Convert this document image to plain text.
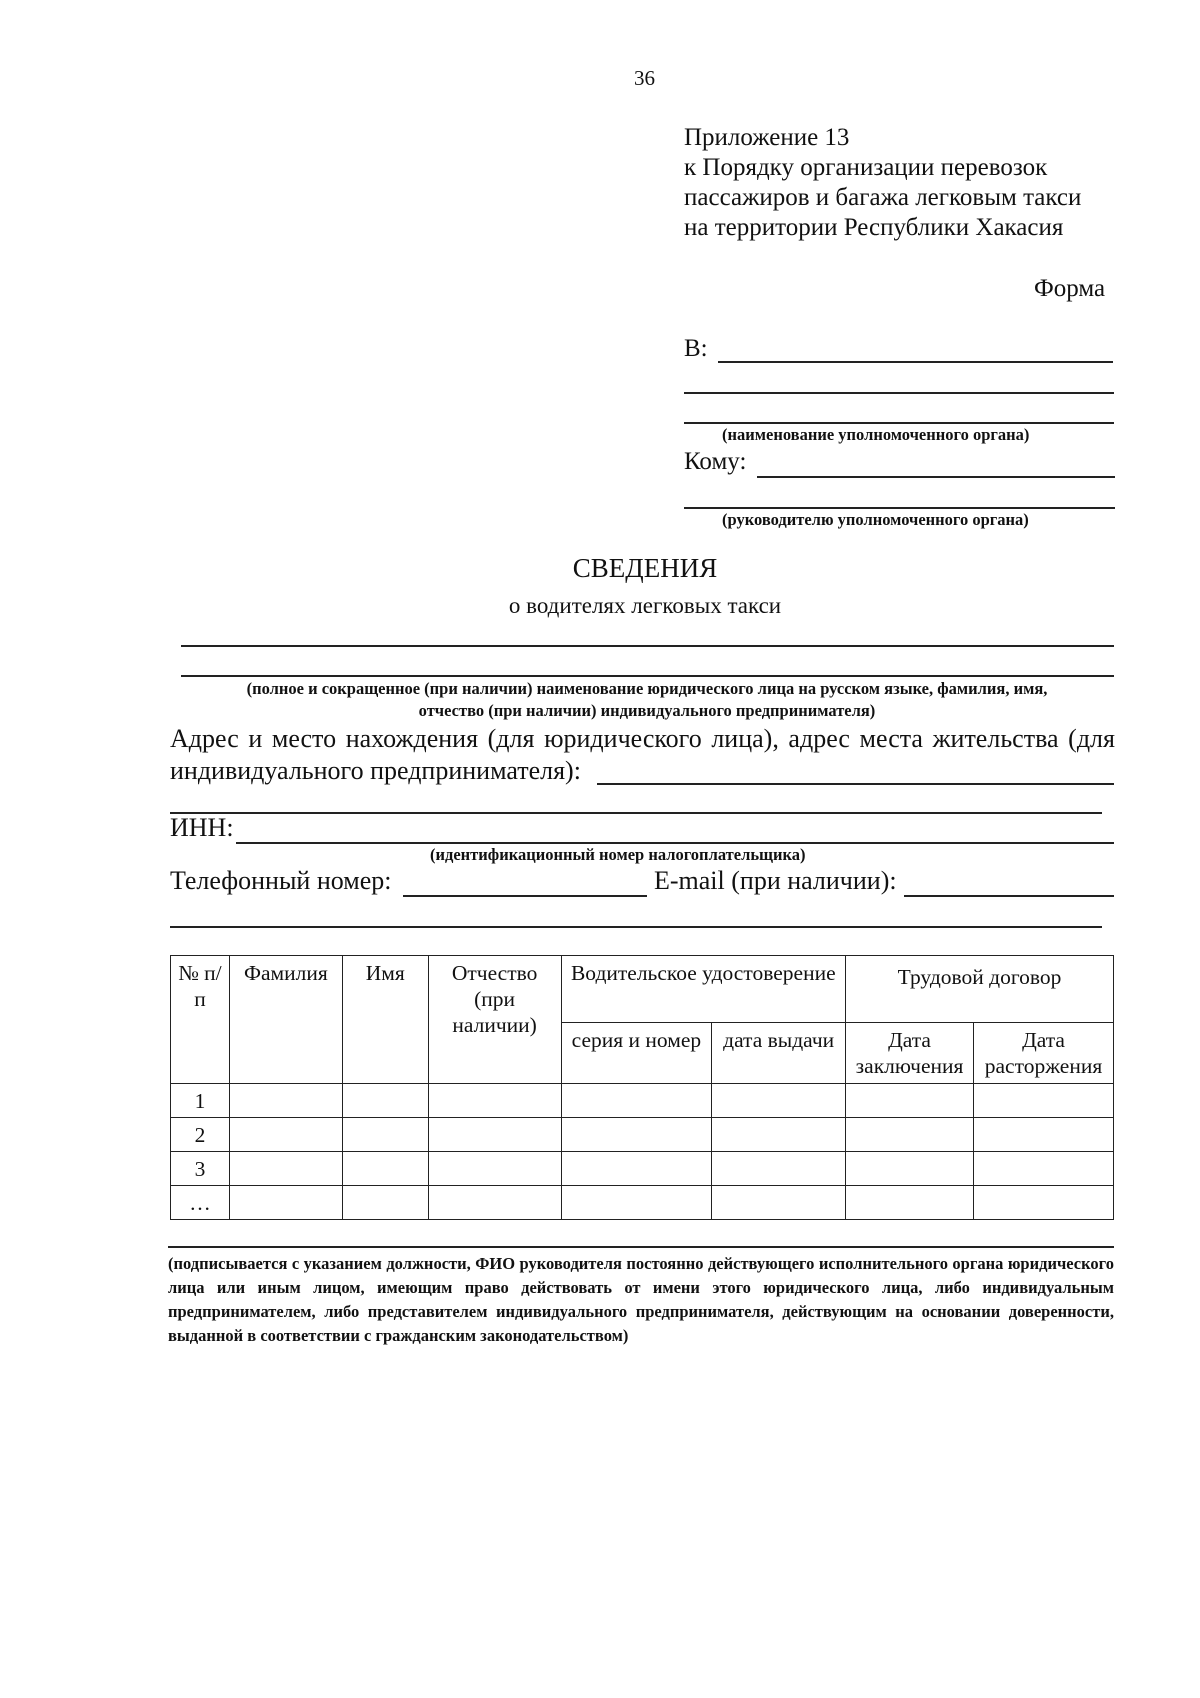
36
Приложение 13
к Порядку организации перевозок
пассажиров и багажа легковым такси
на территории Республики Хакасия
Форма
В:
(наименование уполномоченного органа)
Кому:
(руководителю уполномоченного органа)
СВЕДЕНИЯ
о водителях легковых такси
(полное и сокращенное (при наличии) наименование юридического лица на русском языке, фамилия, имя,
отчество (при наличии) индивидуального предпринимателя)
Адрес и место нахождения (для юридического лица), адрес места жительства (для индивидуального предпринимателя):
ИНН:
(идентификационный номер налогоплательщика)
Телефонный номер:	E-mail (при наличии):
№ п/п	Фамилия	Имя	Отчество (при наличии)	Водительское удостоверение		Трудовой договор	
				серия и номер	дата выдачи	Дата заключения	Дата расторжения
1							
2							
3							
…							
(подписывается с указанием должности, ФИО руководителя постоянно действующего исполнительного органа юридического лица или иным лицом, имеющим право действовать от имени этого юридического лица, либо индивидуальным предпринимателем, либо представителем индивидуального предпринимателя, действующим на основании доверенности, выданной в соответствии с гражданским законодательством)
